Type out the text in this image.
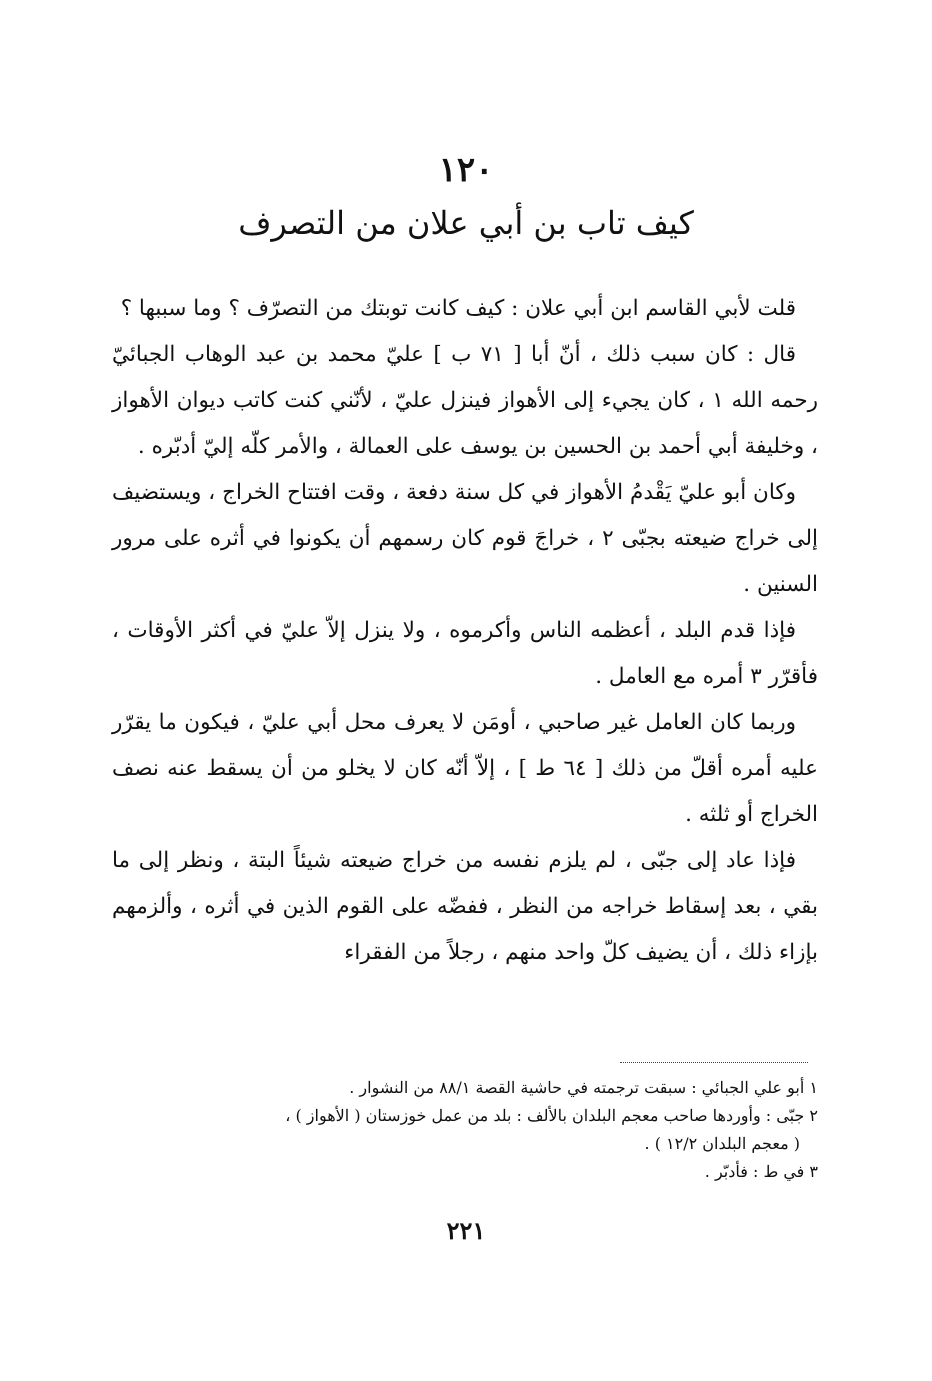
١٢٠
كيف تاب بن أبي علان من التصرف

قلت لأبي القاسم ابن أبي علان : كيف كانت توبتك من التصرّف ؟ وما سببها ؟

قال : كان سبب ذلك ، أنّ أبا [ ٧١ ب ] عليّ محمد بن عبد الوهاب الجبائيّ رحمه الله ١ ، كان يجيء إلى الأهواز فينزل عليّ ، لأنّني كنت كاتب ديوان الأهواز ، وخليفة أبي أحمد بن الحسين بن يوسف على العمالة ، والأمر كلّه إليّ أدبّره .

وكان أبو عليّ يَقْدمُ الأهواز في كل سنة دفعة ، وقت افتتاح الخراج ، ويستضيف إلى خراج ضيعته بجبّى ٢ ، خراجَ قوم كان رسمهم أن يكونوا في أثره على مرور السنين .

فإذا قدم البلد ، أعظمه الناس وأكرموه ، ولا ينزل إلاّ عليّ في أكثر الأوقات ، فأقرّر ٣ أمره مع العامل .

وربما كان العامل غير صاحبي ، أومَن لا يعرف محل أبي عليّ ، فيكون ما يقرّر عليه أمره أقلّ من ذلك [ ٦٤ ط ] ، إلاّ أنّه كان لا يخلو من أن يسقط عنه نصف الخراج أو ثلثه .

فإذا عاد إلى جبّى ، لم يلزم نفسه من خراج ضيعته شيئاً البتة ، ونظر إلى ما بقي ، بعد إسقاط خراجه من النظر ، ففضّه على القوم الذين في أثره ، وألزمهم بإزاء ذلك ، أن يضيف كلّ واحد منهم ، رجلاً من الفقراء

١ أبو علي الجبائي : سبقت ترجمته في حاشية القصة ٨٨/١ من النشوار .

٢ جبّى : وأوردها صاحب معجم البلدان بالألف : بلد من عمل خوزستان ( الأهواز ) ،

( معجم البلدان ١٢/٢ ) .

٣ في ط : فأدبّر .

٢٢١
